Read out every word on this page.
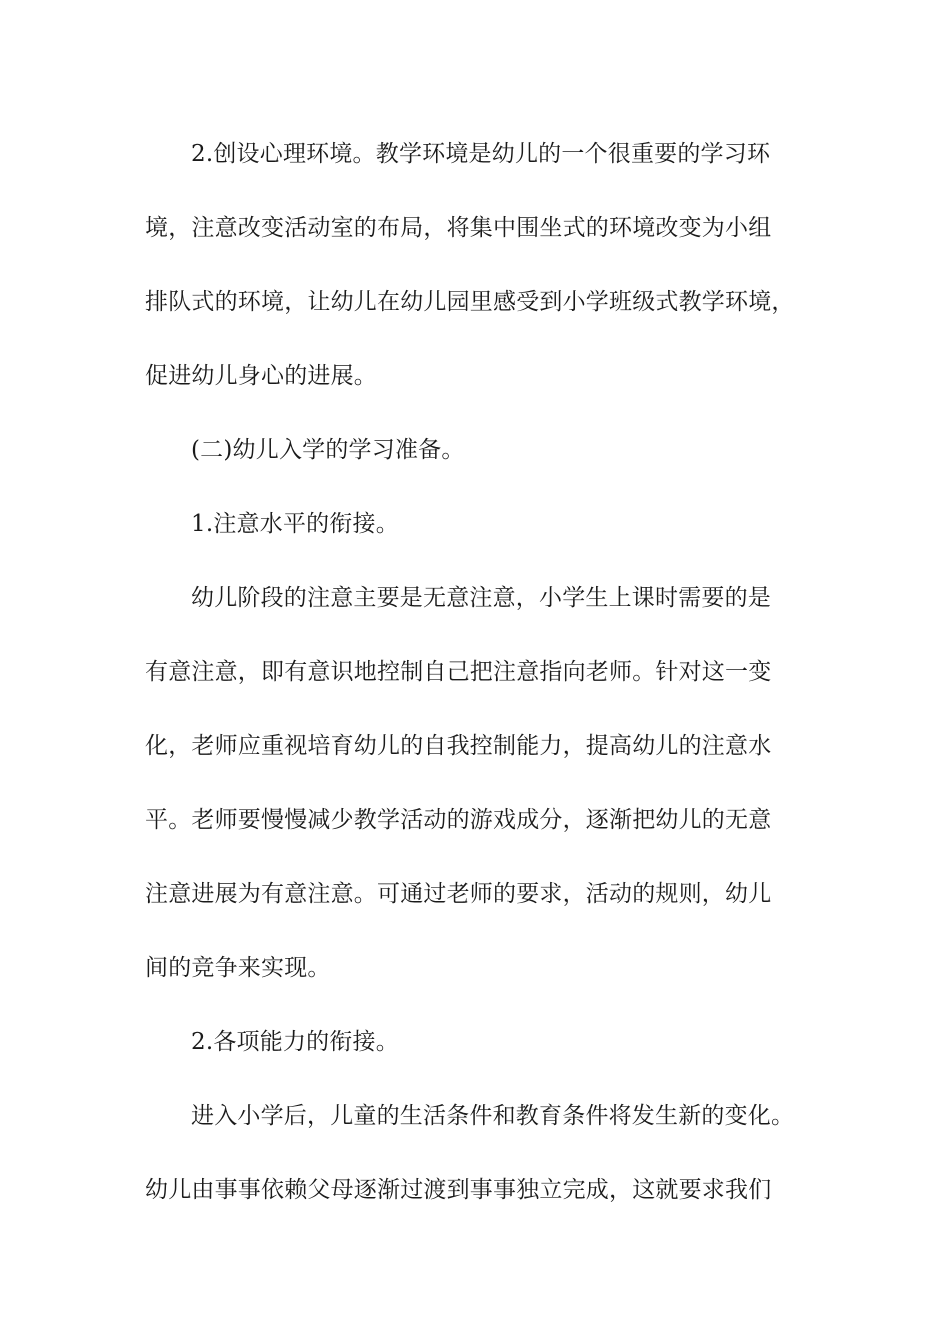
2.创设心理环境。教学环境是幼儿的一个很重要的学习环
境，注意改变活动室的布局，将集中围坐式的环境改变为小组
排队式的环境，让幼儿在幼儿园里感受到小学班级式教学环境，
促进幼儿身心的进展。
(二)幼儿入学的学习准备。
1.注意水平的衔接。
幼儿阶段的注意主要是无意注意，小学生上课时需要的是
有意注意，即有意识地控制自己把注意指向老师。针对这一变
化，老师应重视培育幼儿的自我控制能力，提高幼儿的注意水
平。老师要慢慢减少教学活动的游戏成分，逐渐把幼儿的无意
注意进展为有意注意。可通过老师的要求，活动的规则，幼儿
间的竞争来实现。
2.各项能力的衔接。
进入小学后，儿童的生活条件和教育条件将发生新的变化。
幼儿由事事依赖父母逐渐过渡到事事独立完成，这就要求我们
